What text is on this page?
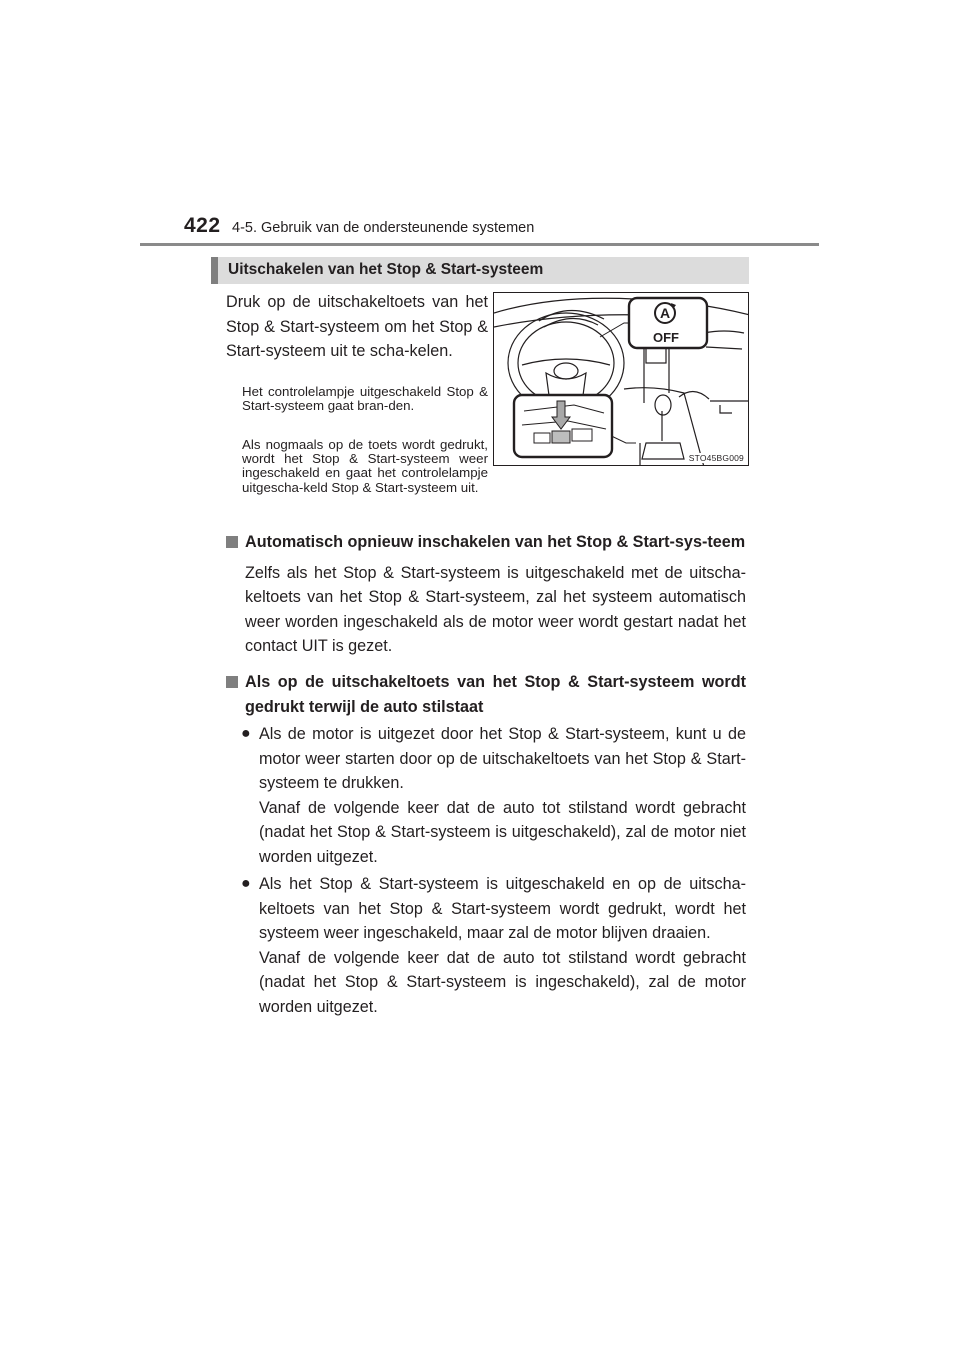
422 4-5. Gebruik van de ondersteunende systemen
Uitschakelen van het Stop & Start-systeem
Druk op de uitschakeltoets van het Stop & Start-systeem om het Stop & Start-systeem uit te scha-kelen.
Het controlelampje uitgeschakeld Stop & Start-systeem gaat bran-den.
Als nogmaals op de toets wordt gedrukt, wordt het Stop & Start-systeem weer ingeschakeld en gaat het controlelampje uitgescha-keld Stop & Start-systeem uit.
A
OFF
STO45BG009
Automatisch opnieuw inschakelen van het Stop & Start-sys-teem
Zelfs als het Stop & Start-systeem is uitgeschakeld met de uitscha-keltoets van het Stop & Start-systeem, zal het systeem automatisch weer worden ingeschakeld als de motor weer wordt gestart nadat het contact UIT is gezet.
Als op de uitschakeltoets van het Stop & Start-systeem wordt gedrukt terwijl de auto stilstaat
● Als de motor is uitgezet door het Stop & Start-systeem, kunt u de motor weer starten door op de uitschakeltoets van het Stop & Start-systeem te drukken.
Vanaf de volgende keer dat de auto tot stilstand wordt gebracht (nadat het Stop & Start-systeem is uitgeschakeld), zal de motor niet worden uitgezet.
● Als het Stop & Start-systeem is uitgeschakeld en op de uitscha-keltoets van het Stop & Start-systeem wordt gedrukt, wordt het systeem weer ingeschakeld, maar zal de motor blijven draaien.
Vanaf de volgende keer dat de auto tot stilstand wordt gebracht (nadat het Stop & Start-systeem is ingeschakeld), zal de motor worden uitgezet.
